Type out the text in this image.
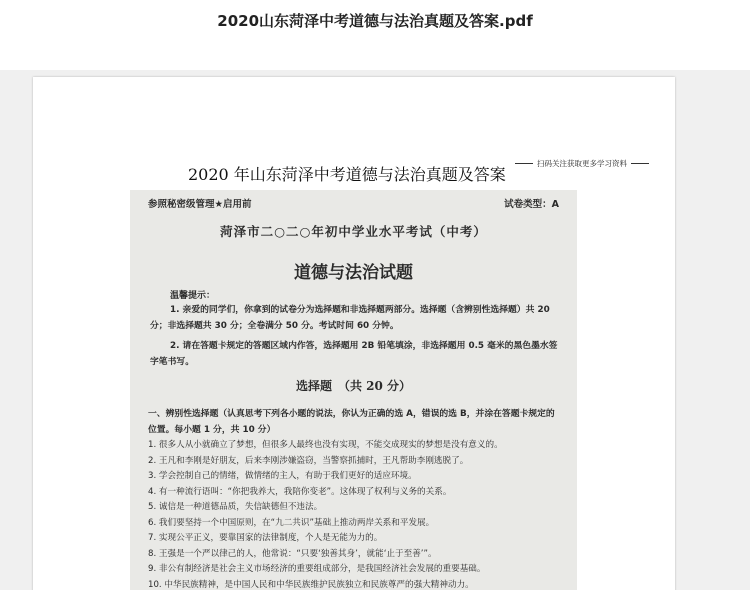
2020山东菏泽中考道德与法治真题及答案.pdf
扫码关注获取更多学习资料
2020 年山东菏泽中考道德与法治真题及答案
参照秘密级管理★启用前	试卷类型：A
菏泽市二○二○年初中学业水平考试（中考）
道德与法治试题
温馨提示：
1. 亲爱的同学们，你拿到的试卷分为选择题和非选择题两部分。选择题（含辨别性选择题）共 20 分；非选择题共 30 分；全卷满分 50 分。考试时间 60 分钟。
2. 请在答题卡规定的答题区域内作答，选择题用 2B 铅笔填涂，非选择题用 0.5 毫米的黑色墨水签字笔书写。
选择题　（共 20 分）
一、辨别性选择题（认真思考下列各小题的说法，你认为正确的选 A，错误的选 B，并涂在答题卡规定的位置。每小题 1 分，共 10 分）
1. 很多人从小就确立了梦想，但很多人最终也没有实现，不能交成现实的梦想是没有意义的。
2. 王凡和李刚是好朋友，后来李刚涉嫌盗窃，当警察抓捕时，王凡帮助李刚逃脱了。
3. 学会控制自己的情绪，做情绪的主人，有助于我们更好的适应环境。
4. 有一种流行语叫：“你把我养大，我陪你变老”。这体现了权利与义务的关系。
5. 诚信是一种道德品质，失信缺德但不违法。
6. 我们要坚持一个中国原则，在“九二共识”基础上推动两岸关系和平发展。
7. 实现公平正义，要靠国家的法律制度，个人是无能为力的。
8. 王强是一个严以律己的人，他常说：“只要‘独善其身’，就能‘止于至善’”。
9. 非公有制经济是社会主义市场经济的重要组成部分，是我国经济社会发展的重要基础。
10. 中华民族精神，是中国人民和中华民族维护民族独立和民族尊严的强大精神动力。
